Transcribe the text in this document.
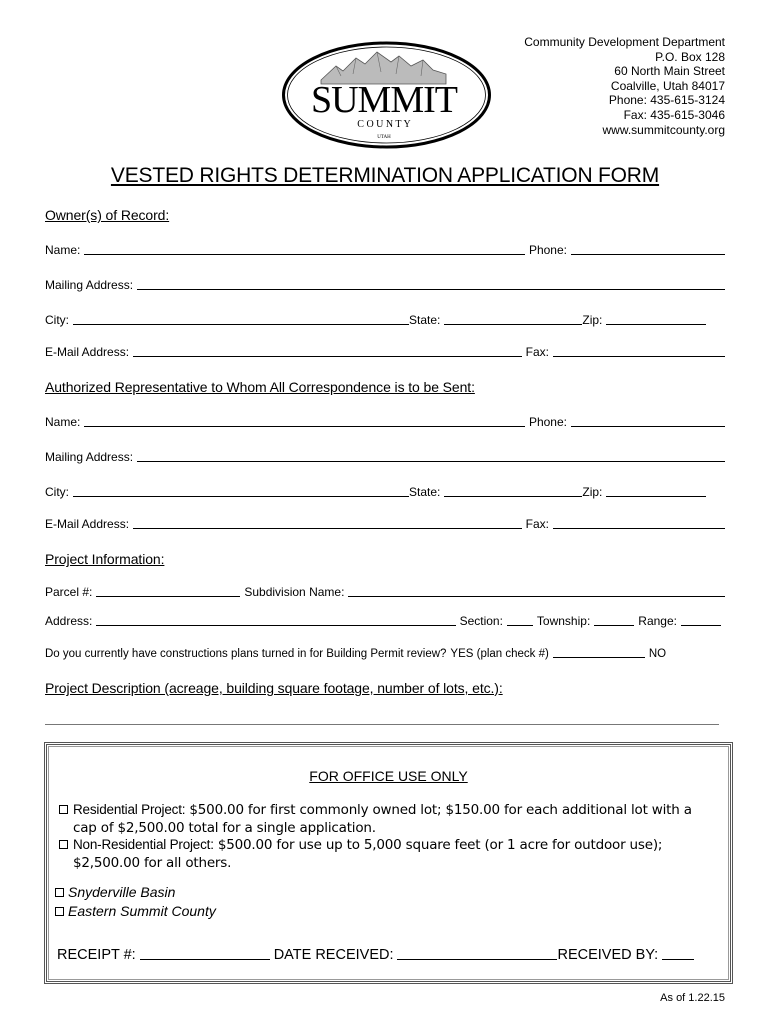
SUMMIT
C O U N T Y
UTAH
Community Development Department
P.O. Box 128
60 North Main Street
Coalville, Utah 84017
Phone: 435-615-3124
Fax: 435-615-3046
www.summitcounty.org
VESTED RIGHTS DETERMINATION APPLICATION FORM
Owner(s) of Record:
Name:	Phone:
Mailing Address:
City:	State:	Zip:
E-Mail Address:	Fax:
Authorized Representative to Whom All Correspondence is to be Sent:
Name:	Phone:
Mailing Address:
City:	State:	Zip:
E-Mail Address:	Fax:
Project Information:
Parcel #:	Subdivision Name:
Address:	Section:	Township:	Range:
Do you currently have constructions plans turned in for Building Permit review? YES (plan check #)	NO
Project Description (acreage, building square footage, number of lots, etc.):
FOR OFFICE USE ONLY
Residential Project: $500.00 for first commonly owned lot; $150.00 for each additional lot with a
cap of $2,500.00 total for a single application.
Non-Residential Project: $500.00 for use up to 5,000 square feet (or 1 acre for outdoor use);
$2,500.00 for all others.
Snyderville Basin
Eastern Summit County
RECEIPT #:	DATE RECEIVED:	RECEIVED BY:
As of 1.22.15
